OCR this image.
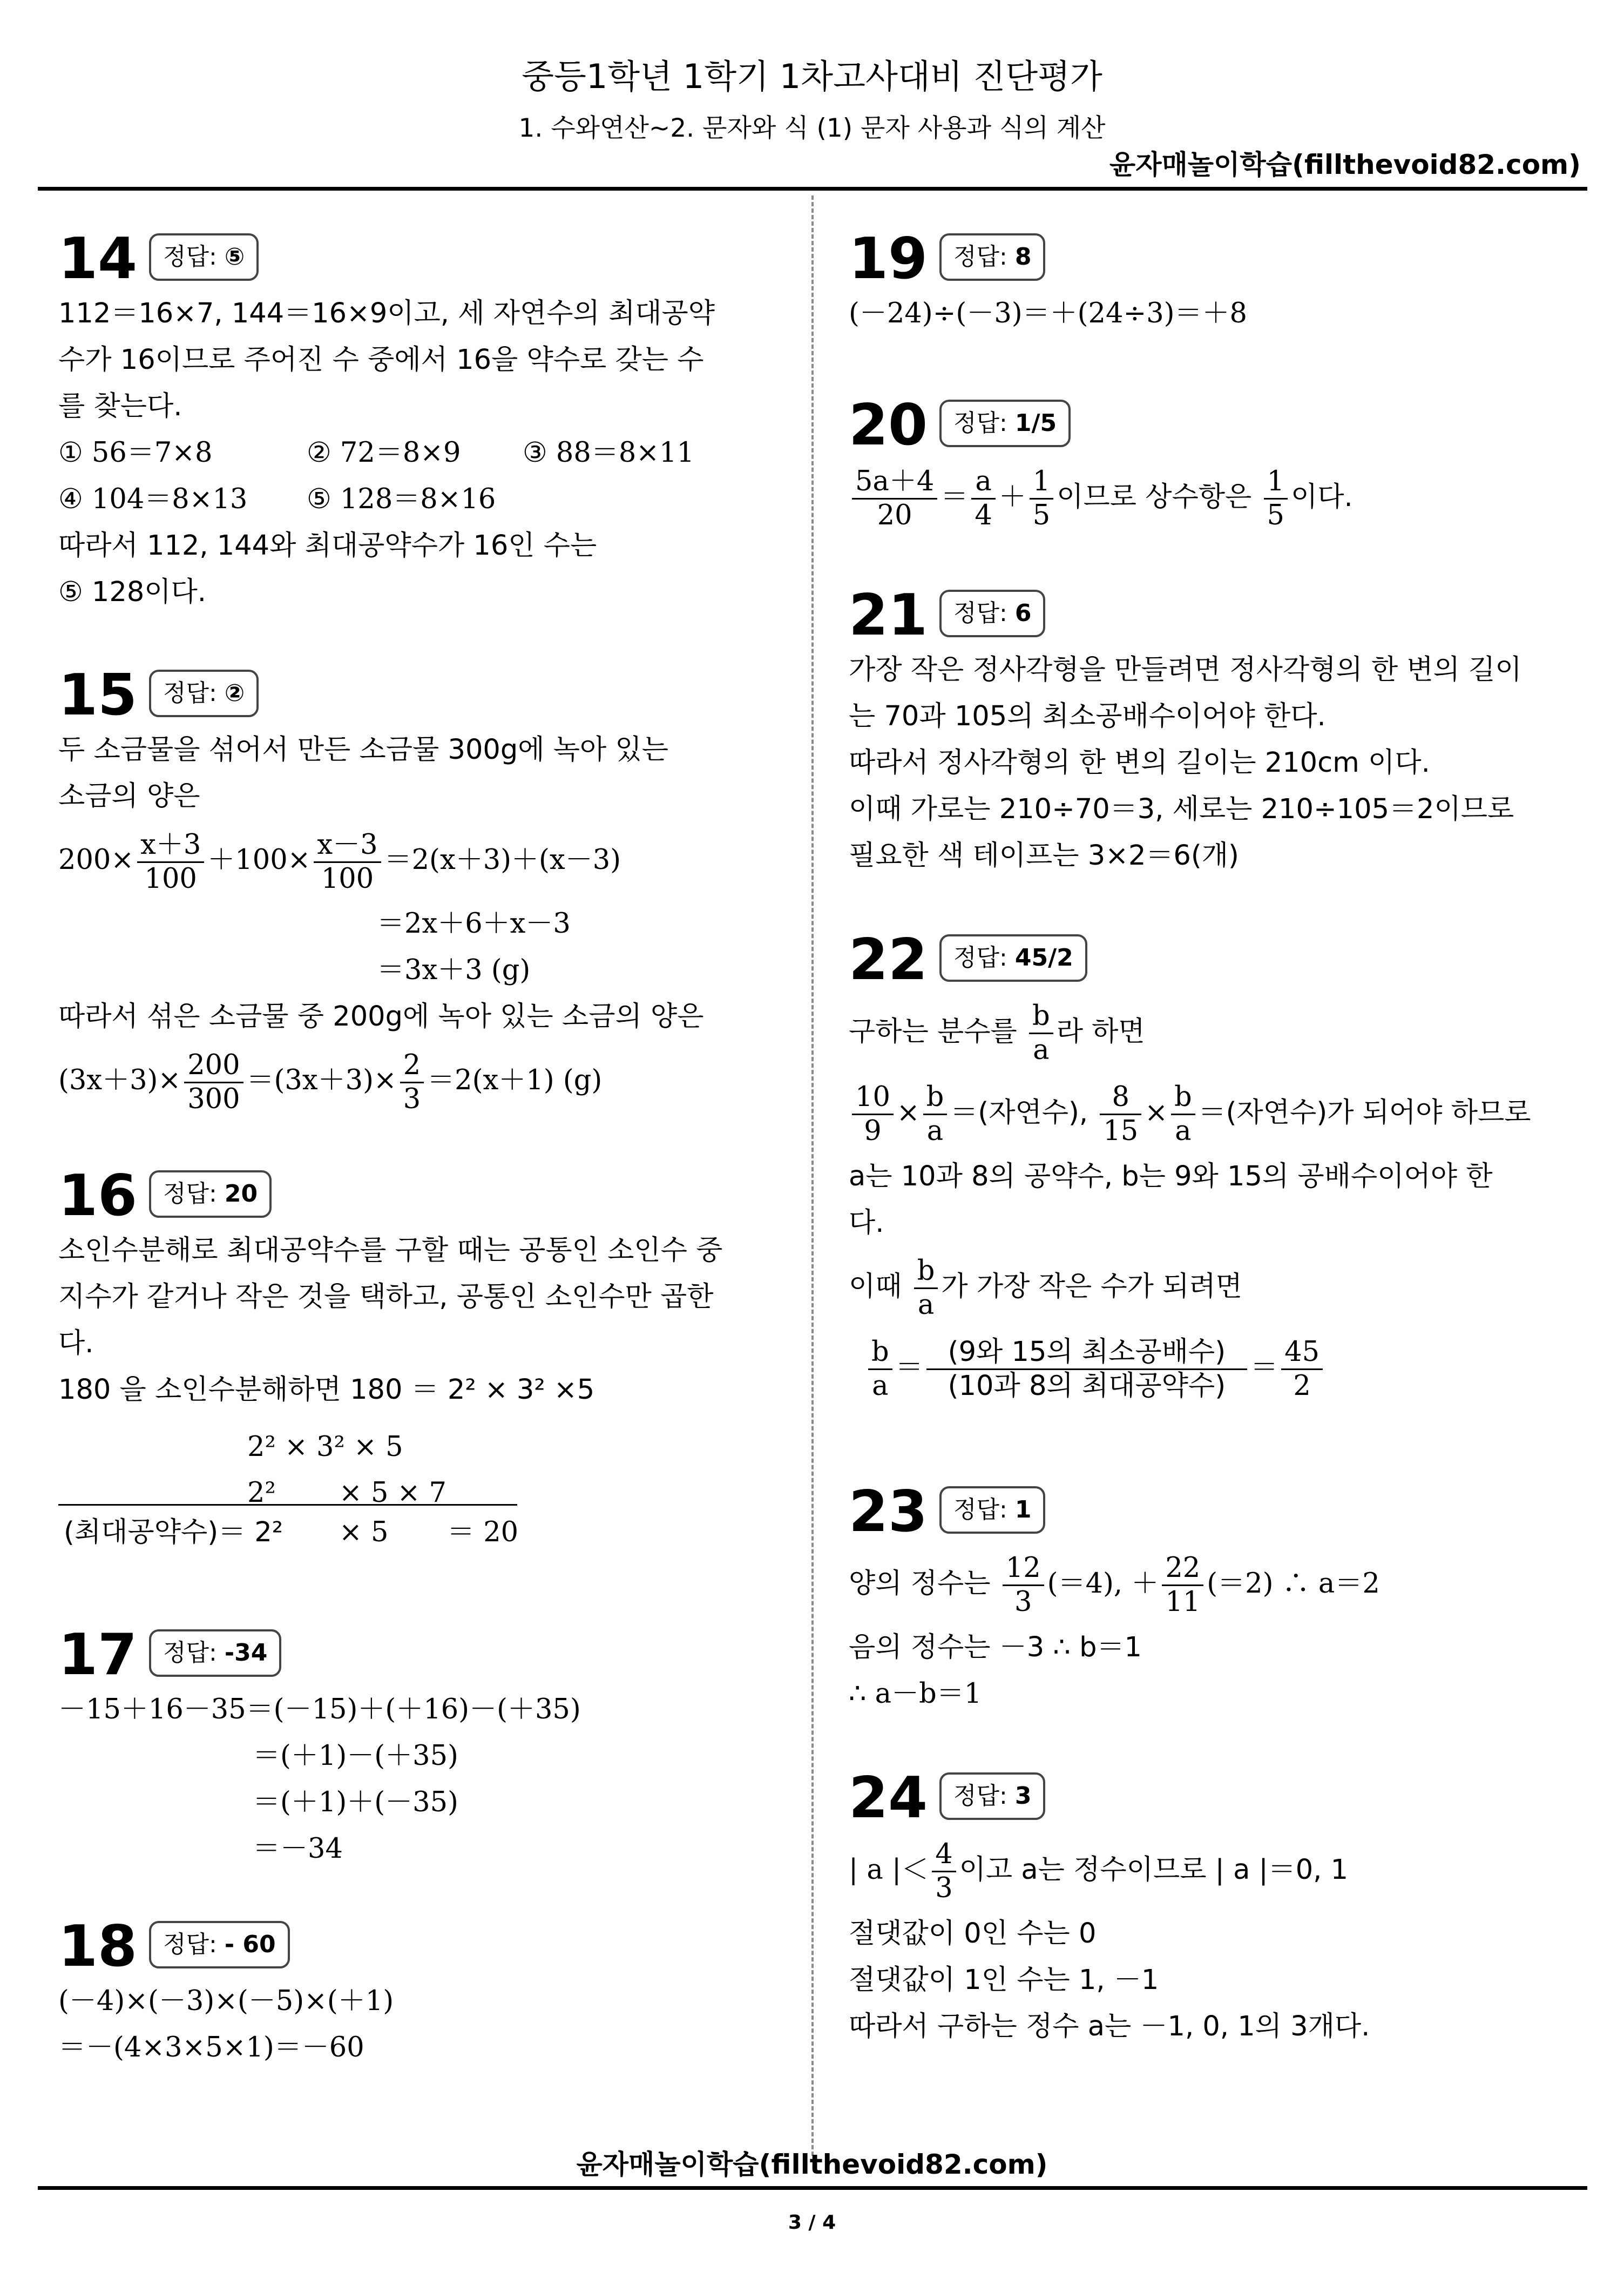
중등1학년 1학기 1차고사대비 진단평가
1. 수와연산~2. 문자와 식 (1) 문자 사용과 식의 계산
윤자매놀이학습(fillthevoid82.com)
14	정답: ⑤
112＝16×7, 144＝16×9이고, 세 자연수의 최대공약
수가 16이므로 주어진 수 중에서 16을 약수로 갖는 수
를 찾는다.
① 56＝7×8	② 72＝8×9 ③ 88＝8×11
④ 104＝8×13 ⑤ 128＝8×16
따라서 112, 144와 최대공약수가 16인 수는
⑤ 128이다.
15	정답: ②
두 소금물을 섞어서 만든 소금물 300g에 녹아 있는
소금의 양은
$200\times \frac{x+3}{100} +100\times \frac{x-3}{100} =2(x+3)+(x-3)$
＝2x＋6＋x－3
＝3x＋3 (g)
따라서 섞은 소금물 중 200g에 녹아 있는 소금의 양은
$(3x+3)\times \frac{200}{300} =(3x+3)\times \frac{2}{3} =2(x+1)$ (g)
16	정답: 20
소인수분해로 최대공약수를 구할 때는 공통인 소인수 중
지수가 같거나 작은 것을 택하고, 공통인 소인수만 곱한
다.
180 을 소인수분해하면 180 ＝ 2² × 3² ×5
2² × 3² × 5
2² × 5 × 7
(최대공약수)＝ 2² × 5 ＝ 20
17	정답: -34
－15＋16－35＝(－15)＋(＋16)－(＋35)
＝(＋1)－(＋35)
＝(＋1)＋(－35)
＝－34
18	정답: - 60
(－4)×(－3)×(－5)×(＋1)
＝－(4×3×5×1)＝－60
19	정답: 8
(－24)÷(－3)＝＋(24÷3)＝＋8
20	정답: 1/5
$\frac{5a+4}{20} = \frac{a}{4} + \frac{1}{5}$ 이므로 상수항은 $\frac{1}{5}$ 이다.
21	정답: 6
가장 작은 정사각형을 만들려면 정사각형의 한 변의 길이
는 70과 105의 최소공배수이어야 한다.
따라서 정사각형의 한 변의 길이는 210cm 이다.
이때 가로는 210÷70＝3, 세로는 210÷105＝2이므로
필요한 색 테이프는 3×2＝6(개)
22	정답: 45/2
구하는 분수를 $\frac{b}{a}$ 라 하면
$\frac{10}{9} \times \frac{b}{a}$ ＝(자연수), $\frac{8}{15} \times \frac{b}{a}$ ＝(자연수)가 되어야 하므로
a는 10과 8의 공약수, b는 9와 15의 공배수이어야 한
다.
이때 $\frac{b}{a}$ 가 가장 작은 수가 되려면
$\frac{b}{a} = \frac{\text{(9와 15의 최소공배수)}}{\text{(10과 8의 최대공약수)}} = \frac{45}{2}$
23	정답: 1
양의 정수는 $\frac{12}{3} (=4)$, ＋ $\frac{22}{11} (=2)$ ∴ a＝2
음의 정수는 －3 ∴ b＝1
∴ a－b＝1
24	정답: 3
| a |＜ $\frac{4}{3}$ 이고 a는 정수이므로 | a |＝0, 1
절댓값이 0인 수는 0
절댓값이 1인 수는 1, －1
따라서 구하는 정수 a는 －1, 0, 1의 3개다.
윤자매놀이학습(fillthevoid82.com)
3 / 4
